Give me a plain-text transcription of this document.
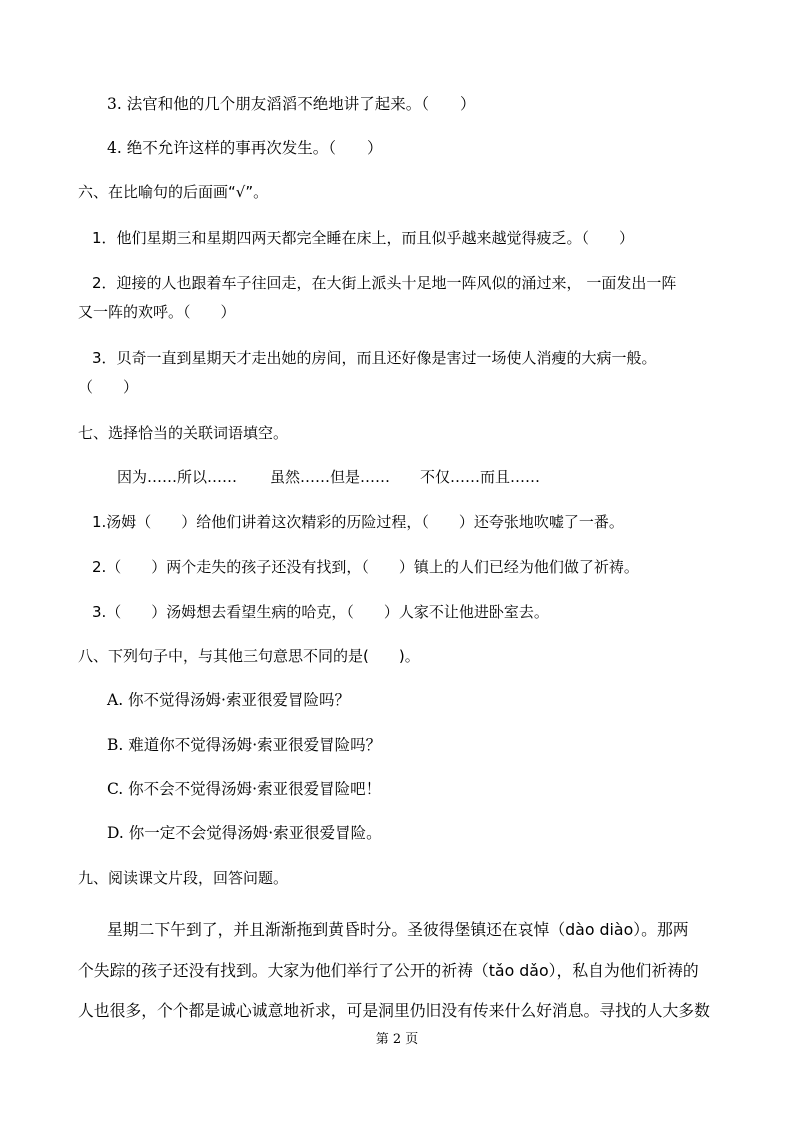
3. 法官和他的几个朋友滔滔不绝地讲了起来。（　　）
4. 绝不允许这样的事再次发生。（　　）
六、在比喻句的后面画“√”。
1．他们星期三和星期四两天都完全睡在床上，而且似乎越来越觉得疲乏。（　　）
2．迎接的人也跟着车子往回走，在大街上派头十足地一阵风似的涌过来， 一面发出一阵
又一阵的欢呼。（　　）
3．贝奇一直到星期天才走出她的房间，而且还好像是害过一场使人消瘦的大病一般。
（　　）
七、选择恰当的关联词语填空。
因为……所以…… 虽然……但是…… 不仅……而且……
1.汤姆（　　）给他们讲着这次精彩的历险过程，（　　）还夸张地吹嘘了一番。
2.（　　）两个走失的孩子还没有找到，（　　）镇上的人们已经为他们做了祈祷。
3.（　　）汤姆想去看望生病的哈克，（　　）人家不让他进卧室去。
八、下列句子中，与其他三句意思不同的是(　　)。
A. 你不觉得汤姆·索亚很爱冒险吗？
B. 难道你不觉得汤姆·索亚很爱冒险吗？
C. 你不会不觉得汤姆·索亚很爱冒险吧！
D. 你一定不会觉得汤姆·索亚很爱冒险。
九、阅读课文片段，回答问题。
星期二下午到了，并且渐渐拖到黄昏时分。圣彼得堡镇还在哀悼（dào diào）。那两
个失踪的孩子还没有找到。大家为他们举行了公开的祈祷（tǎo dǎo），私自为他们祈祷的
人也很多，个个都是诚心诚意地祈求，可是洞里仍旧没有传来什么好消息。寻找的人大多数
第 2 页
